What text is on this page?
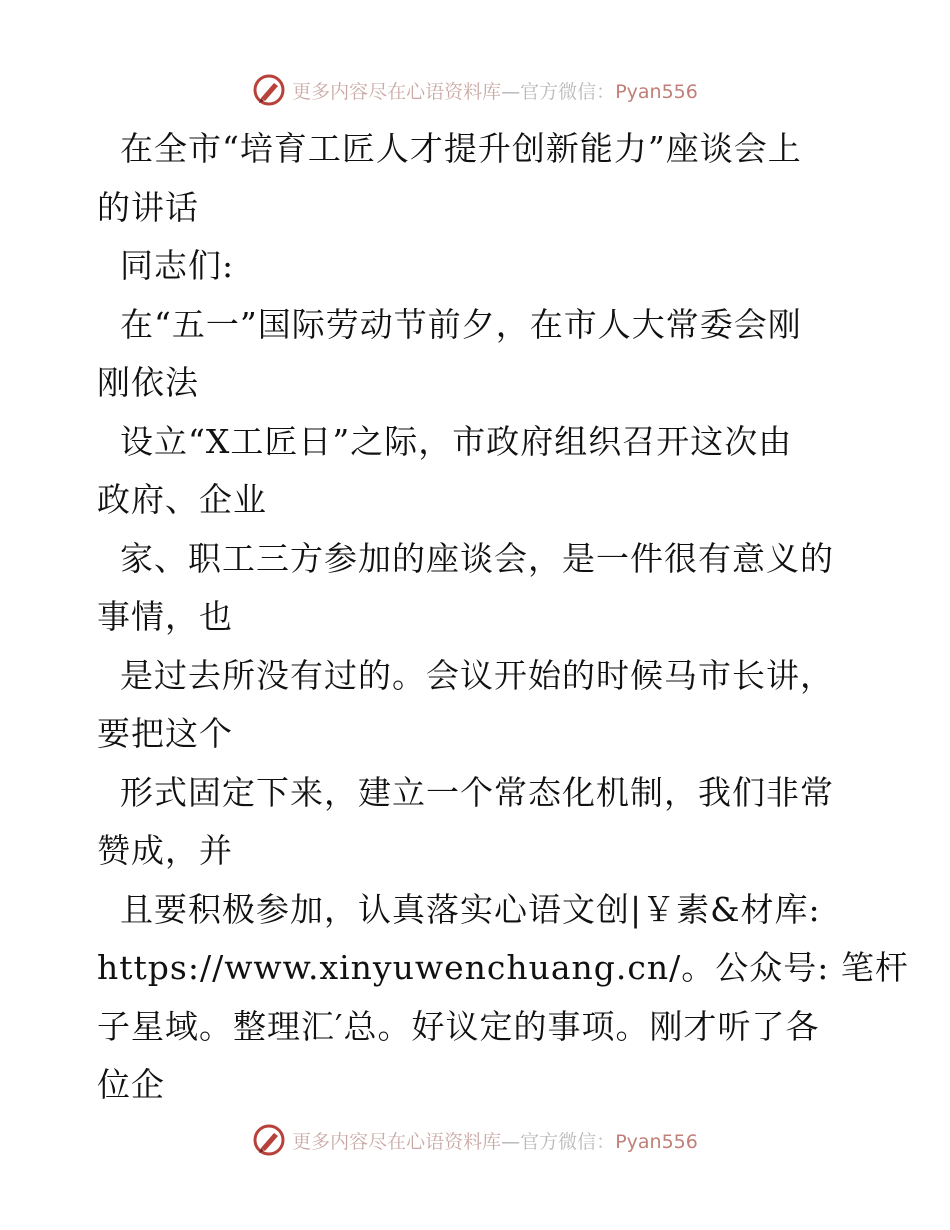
更多内容尽在心语资料库—官方微信：Pyan556

在全市“培育工匠人才提升创新能力”座谈会上

的讲话

同志们:

在“五一”国际劳动节前夕，在市人大常委会刚

刚依法

设立“X工匠日”之际，市政府组织召开这次由

政府、企业

家、职工三方参加的座谈会，是一件很有意义的

事情，也

是过去所没有过的。会议开始的时候马市长讲，

要把这个

形式固定下来，建立一个常态化机制，我们非常

赞成，并

且要积极参加，认真落实心语文创|￥素&材库:

https://www.xinyuwenchuang.cn/。公众号: 笔杆

子星域。整理汇′总。好议定的事项。刚才听了各

位企

更多内容尽在心语资料库—官方微信：Pyan556
